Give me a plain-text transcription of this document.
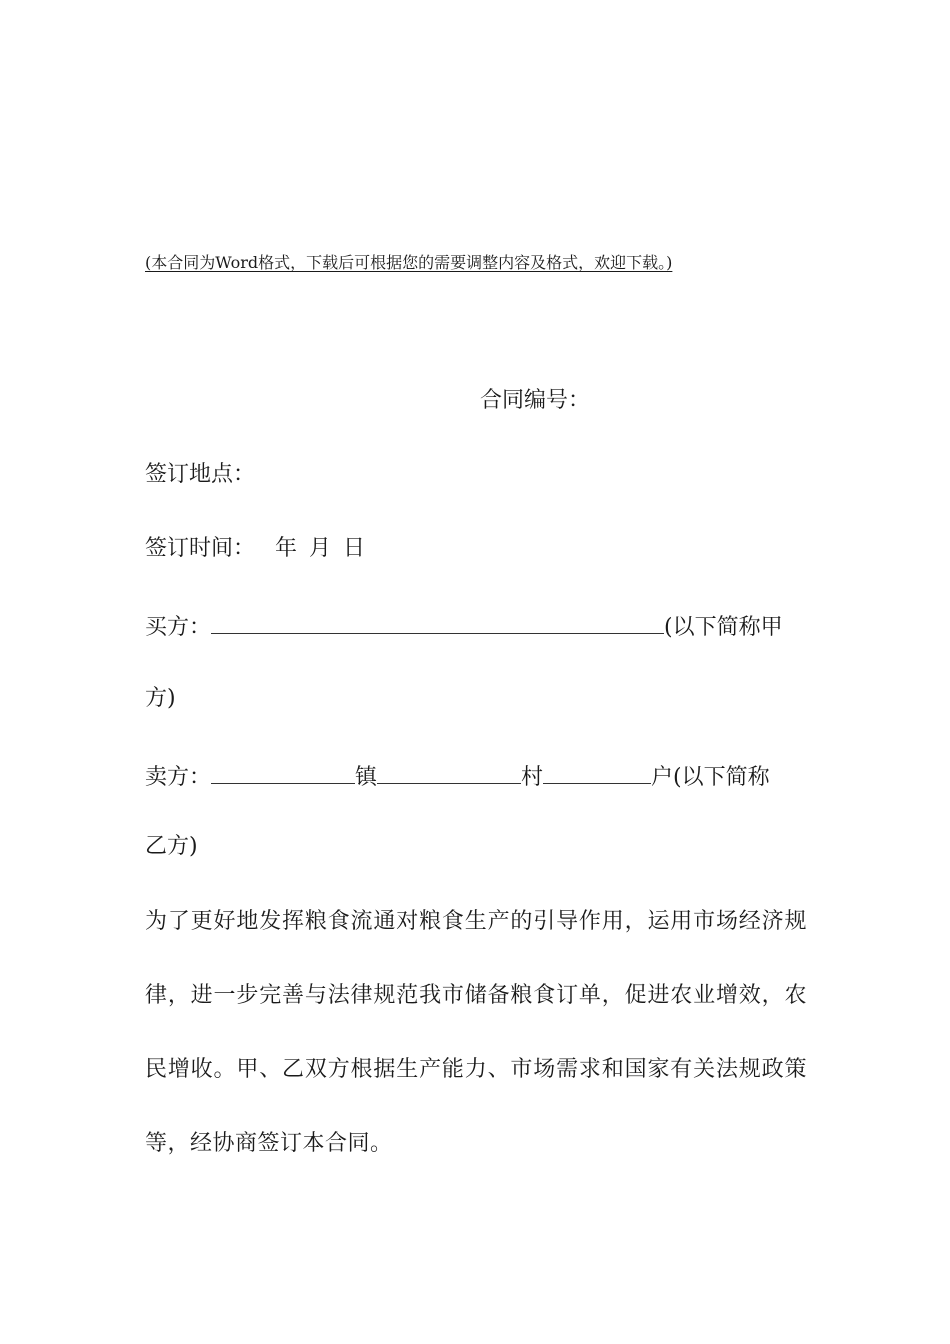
(本合同为Word格式，下载后可根据您的需要调整内容及格式，欢迎下载。)
合同编号：
签订地点：
签订时间： 年 月 日
买方：	(以下简称甲
方)
卖方：	镇	村	户(以下简称
乙方)
为了更好地发挥粮食流通对粮食生产的引导作用，运用市场经济规律，进一步完善与法律规范我市储备粮食订单，促进农业增效，农民增收。甲、乙双方根据生产能力、市场需求和国家有关法规政策等，经协商签订本合同。
